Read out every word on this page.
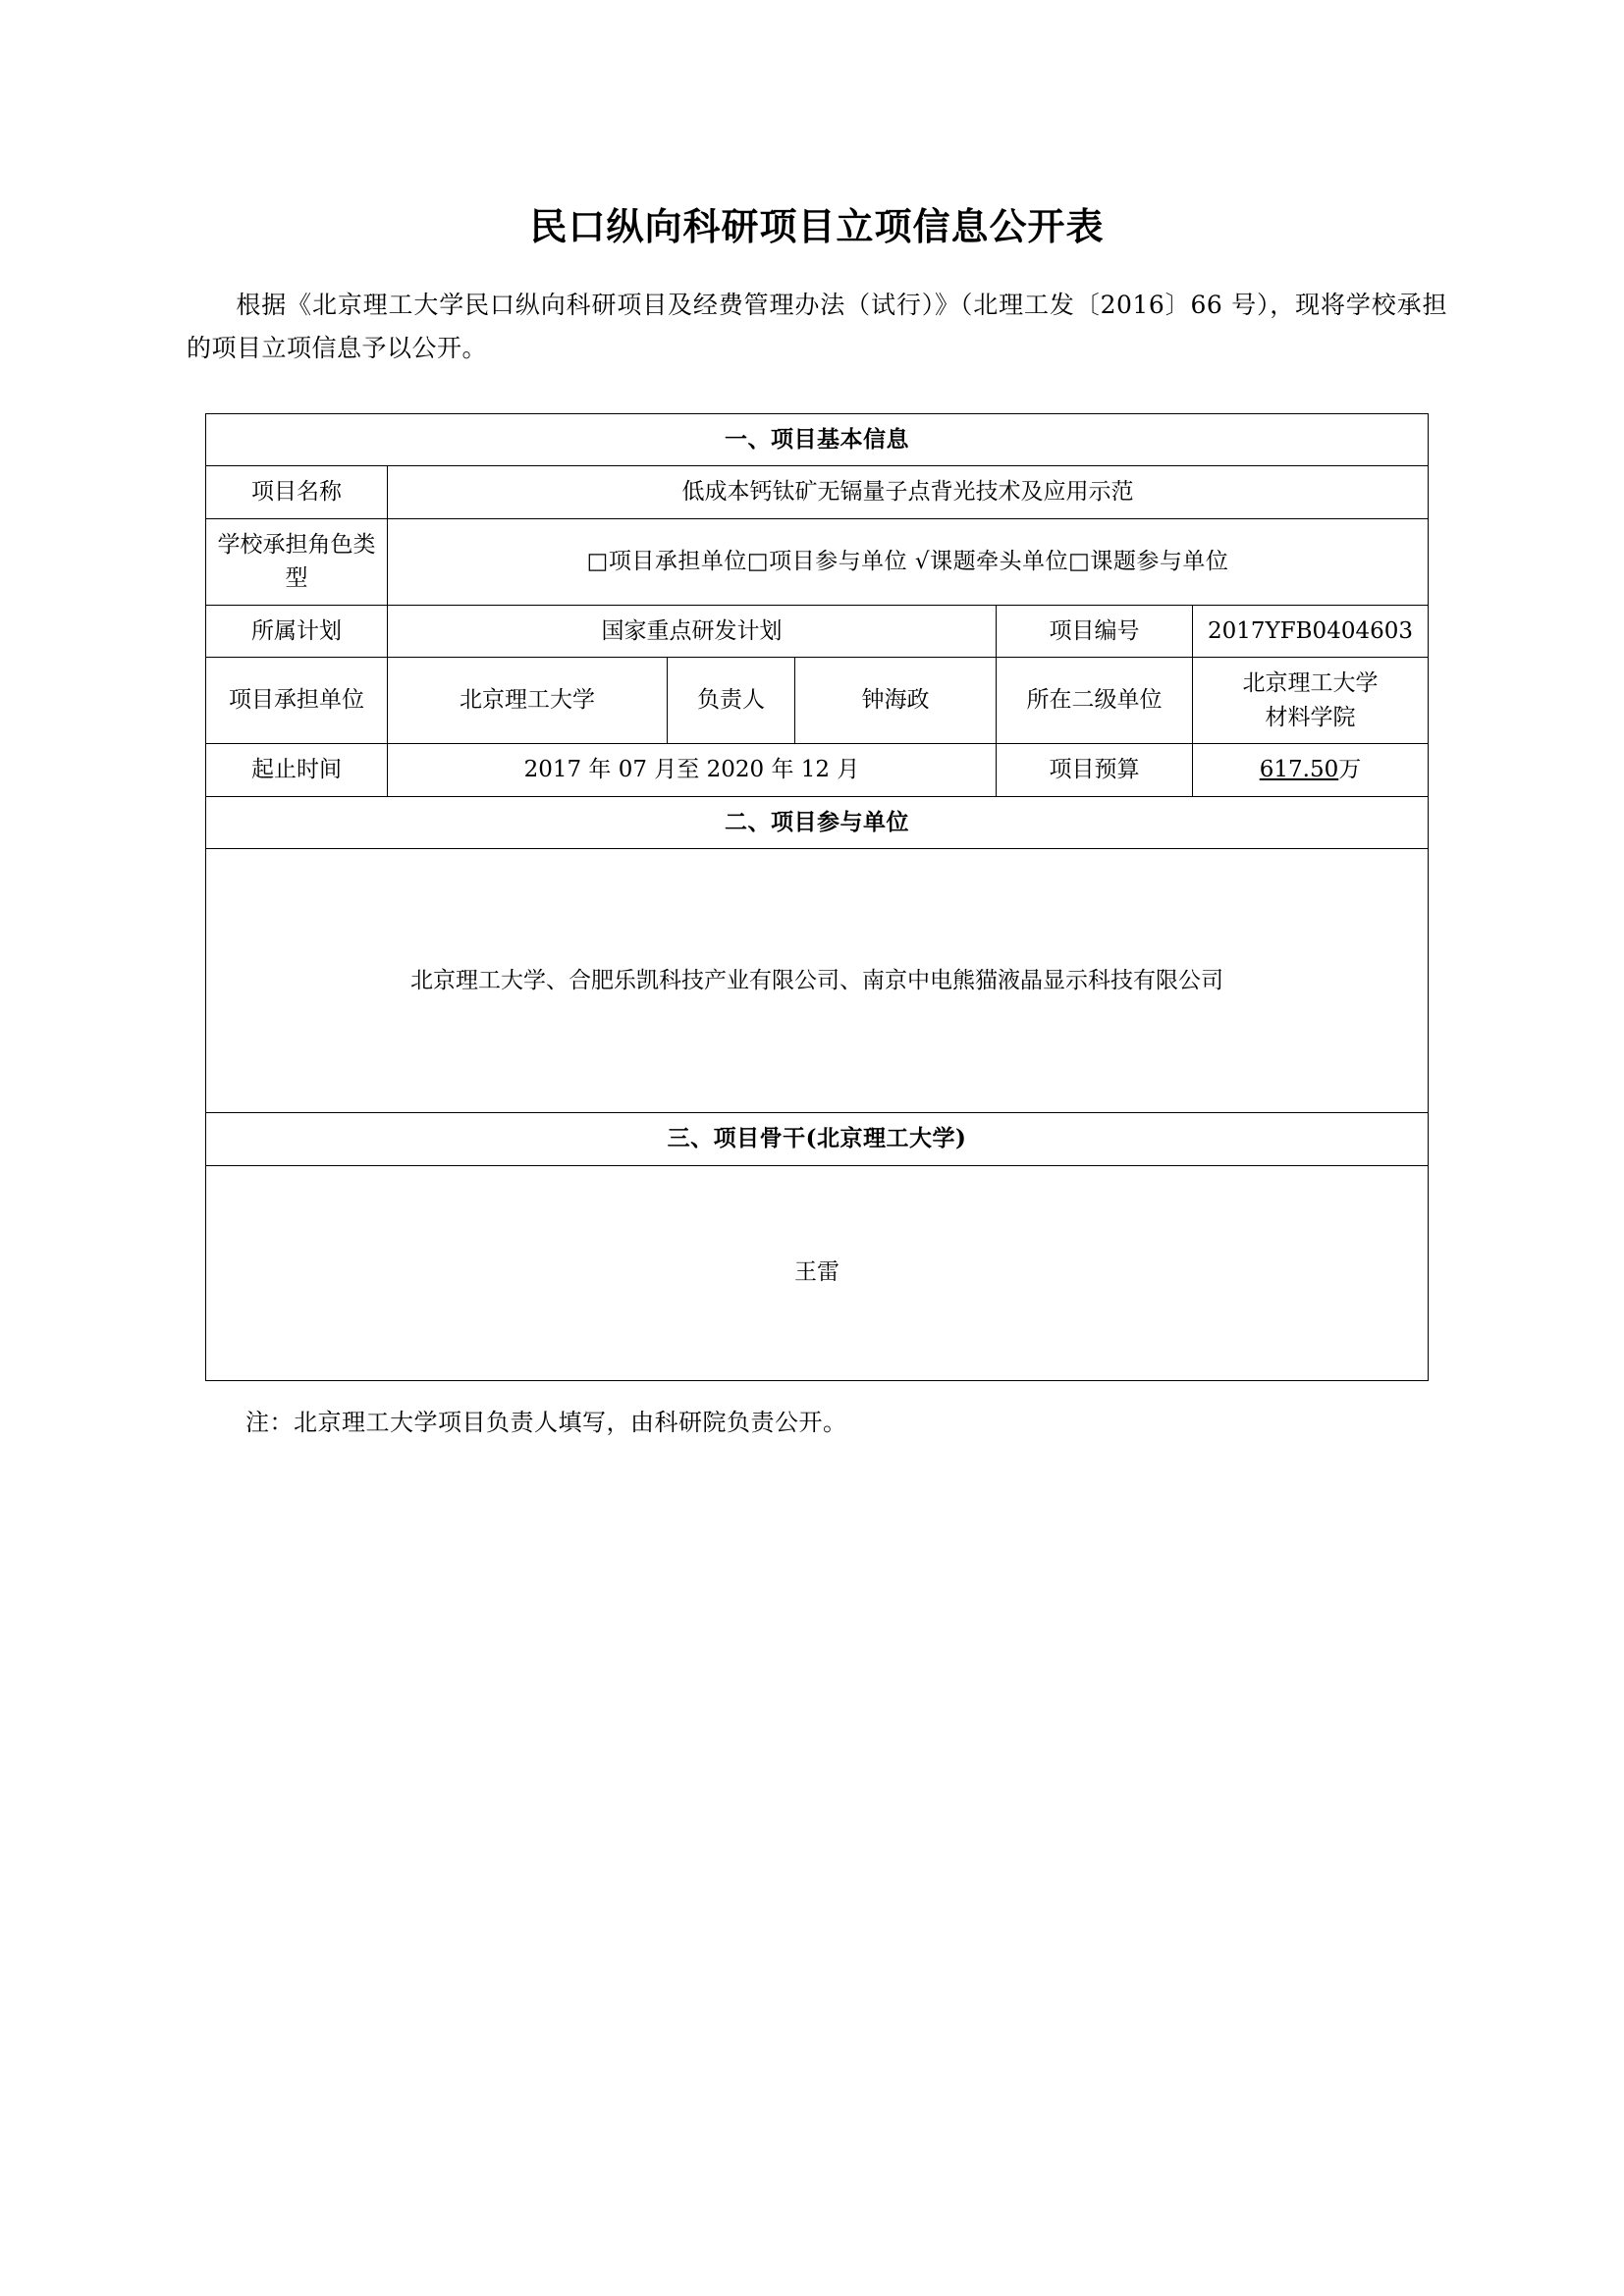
民口纵向科研项目立项信息公开表
根据《北京理工大学民口纵向科研项目及经费管理办法（试行）》（北理工发〔2016〕66 号），现将学校承担的项目立项信息予以公开。
一、项目基本信息					
项目名称	低成本钙钛矿无镉量子点背光技术及应用示范				
学校承担角色类型	□项目承担单位□项目参与单位 √课题牵头单位□课题参与单位				
所属计划	国家重点研发计划			项目编号	2017YFB0404603
项目承担单位	北京理工大学	负责人	钟海政	所在二级单位	北京理工大学
材料学院

起止时间	2017 年 07 月至 2020 年 12 月			项目预算	617.50万
二、项目参与单位					
北京理工大学、合肥乐凯科技产业有限公司、南京中电熊猫液晶显示科技有限公司					
三、项目骨干(北京理工大学)					
王雷					
注：北京理工大学项目负责人填写，由科研院负责公开。
